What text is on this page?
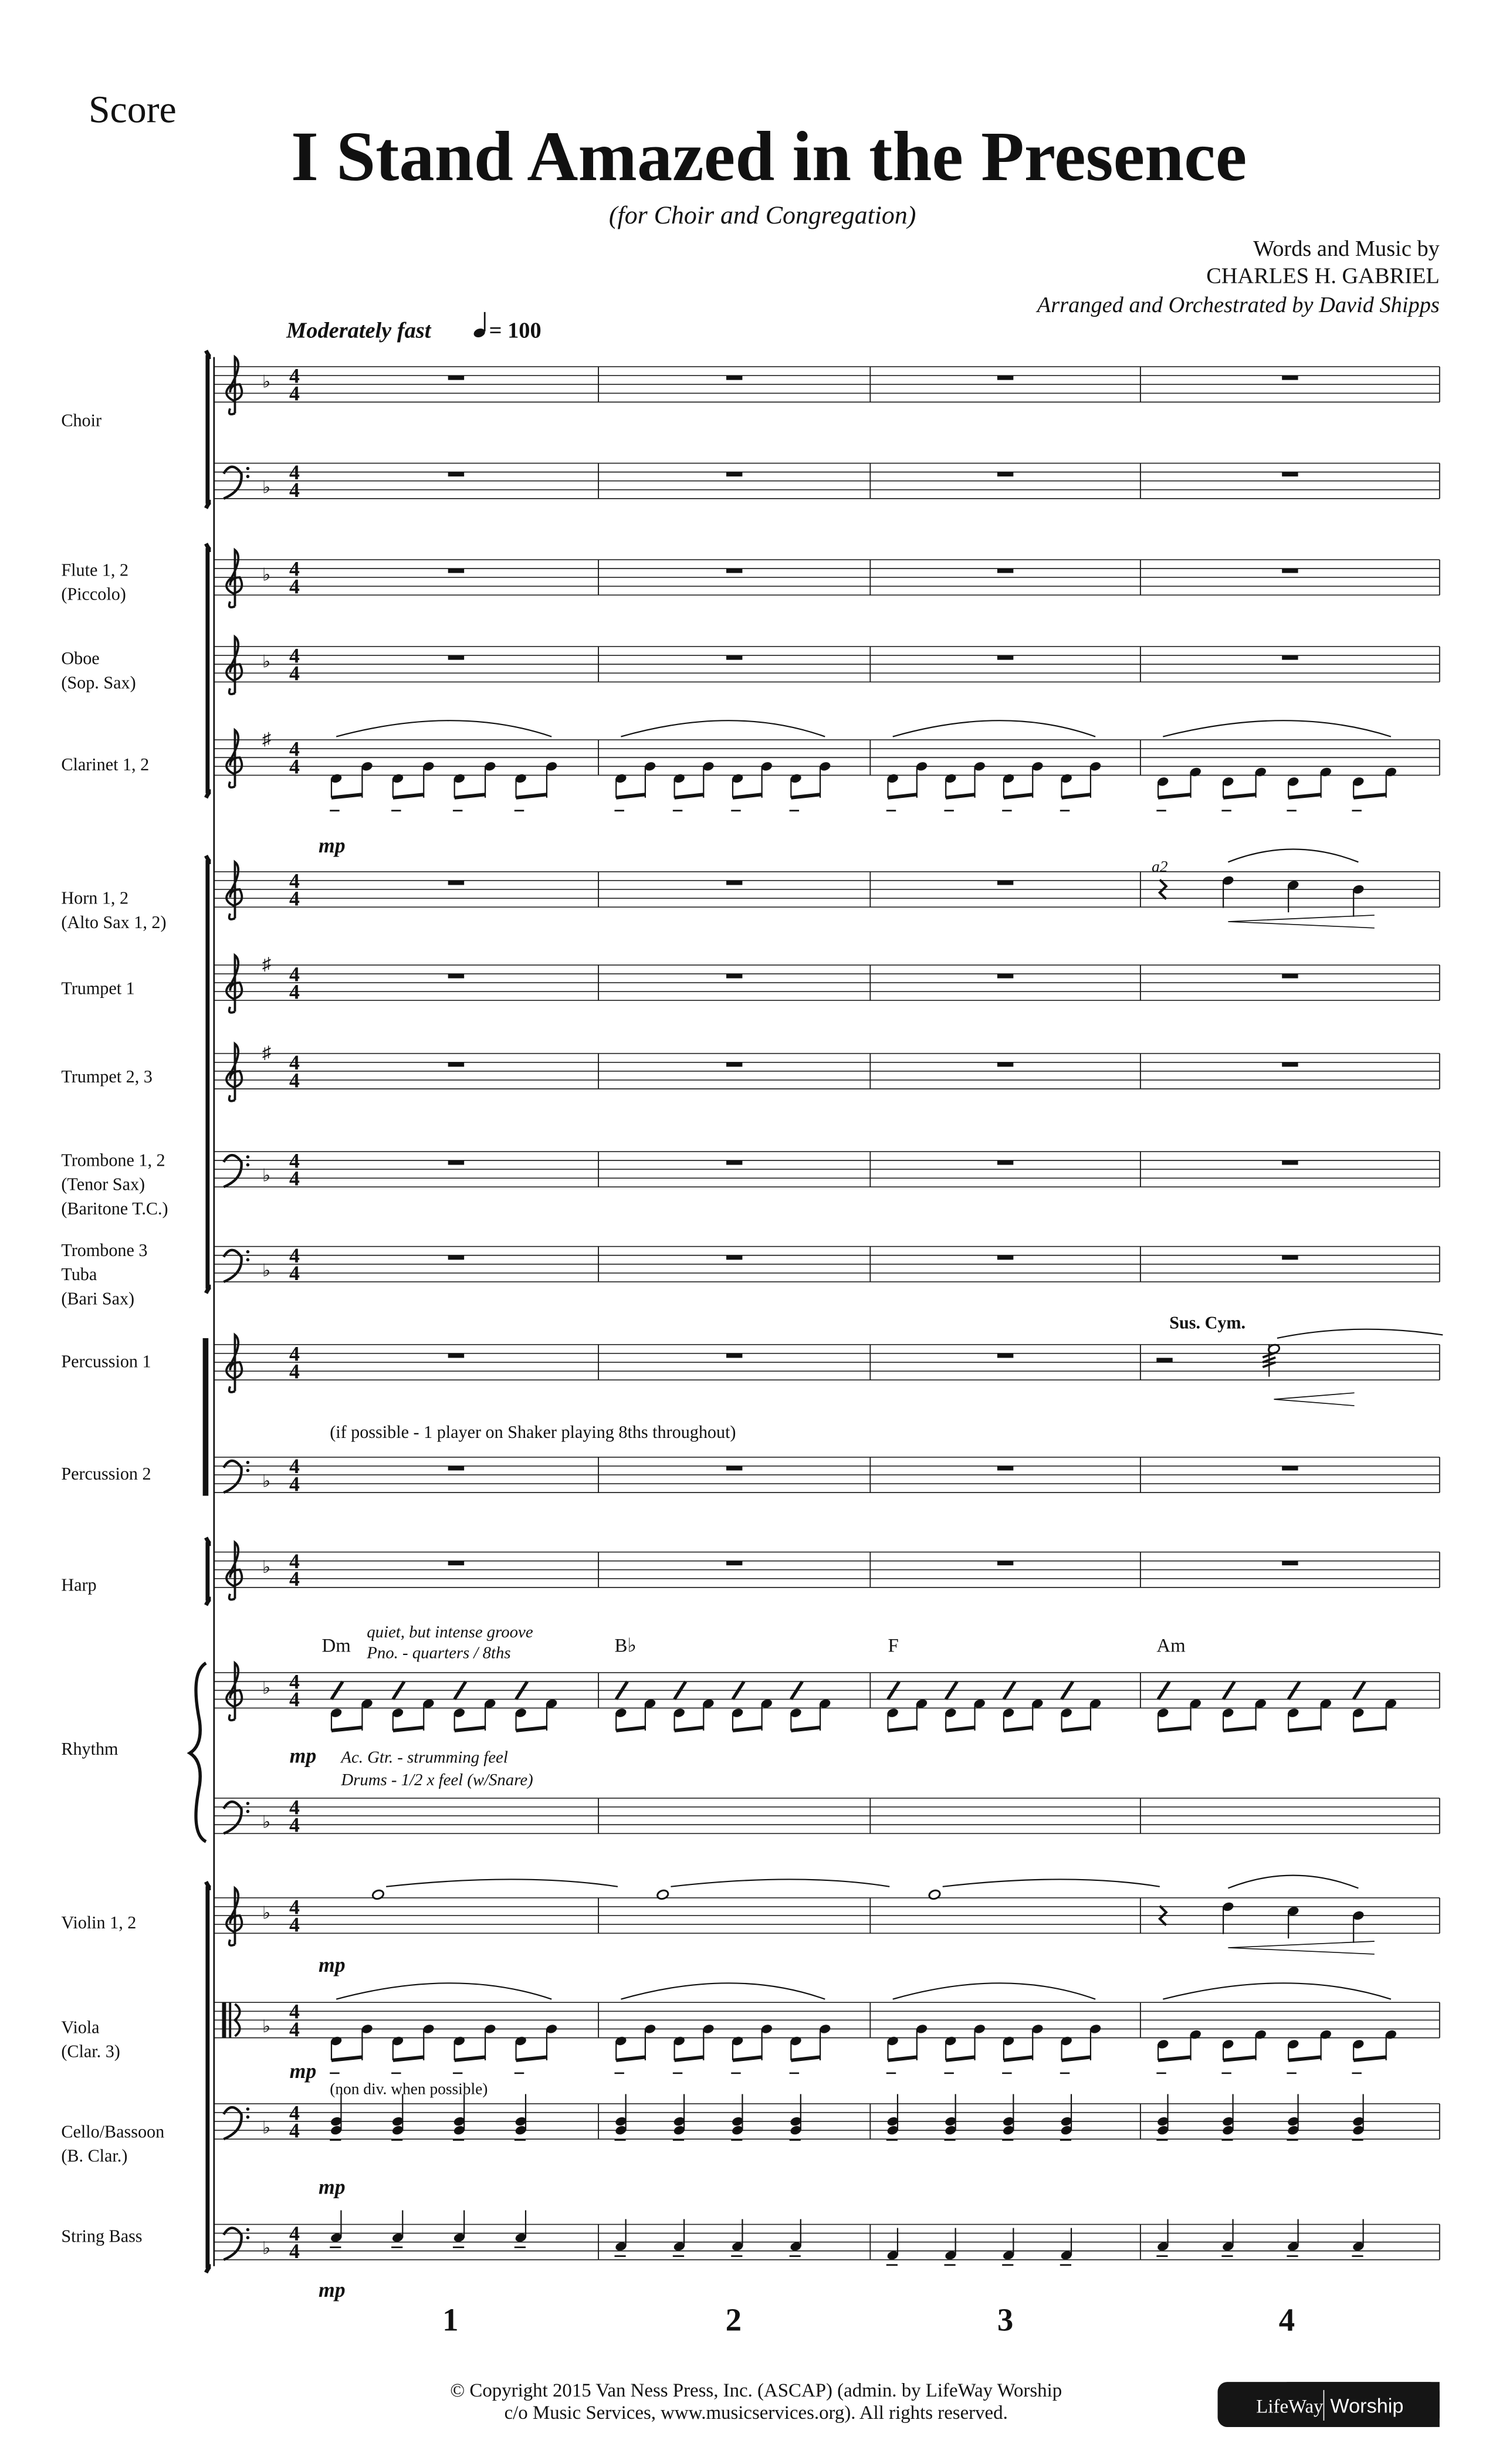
♭ 4
4
♭
4
4
♭ 4
4
♭ 4
4
♯ 4
4
4
4
♯ 4
4
♯ 4
4
♭
4
4
♭
4
4
4
4
♭
4
4
♭ 4
4
♭ 4
4
♭
4
4
♭ 4
4
♭
4
4
♭
4
4
♭
4
4
Score
I Stand Amazed in the Presence
(for Choir and Congregation)
Words and Music by
CHARLES H. GABRIEL
Arranged and Orchestrated by David Shipps
Moderately fast	= 100
Choir
Flute 1, 2
(Piccolo)
Oboe
(Sop. Sax)
Clarinet 1, 2
Horn 1, 2
(Alto Sax 1, 2)
Trumpet 1
Trumpet 2, 3
Trombone 1, 2
(Tenor Sax)
(Baritone T.C.)
Trombone 3
Tuba
(Bari Sax)
Percussion 1
Percussion 2
Harp
Rhythm
Violin 1, 2
Viola
(Clar. 3)
Cello/Bassoon
(B. Clar.)
String Bass
mp
mp
mp
mp
mp
mp
a2
Sus. Cym.
(if possible - 1 player on Shaker playing 8ths throughout)
quiet, but intense groove
Pno. - quarters / 8ths
Ac. Gtr. - strumming feel
Drums - 1/2 x feel (w/Snare)
(non div. when possible)
Dm	B♭	F	Am
1	2	3	4
© Copyright 2015 Van Ness Press, Inc. (ASCAP) (admin. by LifeWay Worship
c/o Music Services, www.musicservices.org). All rights reserved.	LifeWay Worship
